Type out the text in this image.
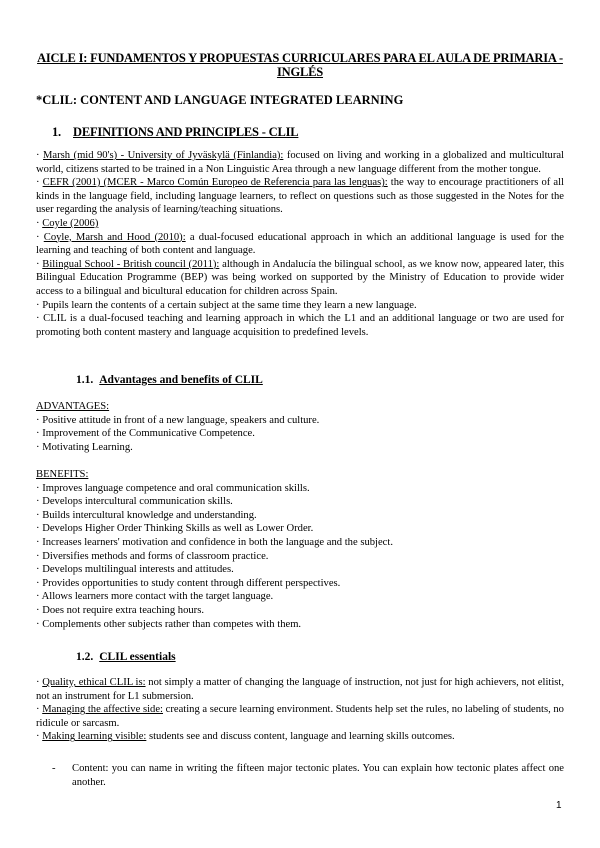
AICLE I: FUNDAMENTOS Y PROPUESTAS CURRICULARES PARA EL AULA DE PRIMARIA - INGLÉS
*CLIL: CONTENT AND LANGUAGE INTEGRATED LEARNING
1. DEFINITIONS AND PRINCIPLES - CLIL

· Marsh (mid 90's) - University of Jyväskylä (Finlandia): focused on living and working in a globalized and multicultural world, citizens started to be trained in a Non Linguistic Area through a new language different from the mother tongue.

· CEFR (2001) (MCER - Marco Común Europeo de Referencia para las lenguas): the way to encourage practitioners of all kinds in the language field, including language learners, to reflect on questions such as those suggested in the Notes for the user regarding the analysis of learning/teaching situations.

· Coyle (2006)

· Coyle, Marsh and Hood (2010): a dual-focused educational approach in which an additional language is used for the learning and teaching of both content and language.

· Bilingual School - British council (2011): although in Andalucía the bilingual school, as we know now, appeared later, this Bilingual Education Programme (BEP) was being worked on supported by the Ministry of Education to provide wider access to a bilingual and bicultural education for children across Spain.

· Pupils learn the contents of a certain subject at the same time they learn a new language.

· CLIL is a dual-focused teaching and learning approach in which the L1 and an additional language or two are used for promoting both content mastery and language acquisition to predefined levels.

1.1. Advantages and benefits of CLIL

ADVANTAGES:

· Positive attitude in front of a new language, speakers and culture.

· Improvement of the Communicative Competence.

· Motivating Learning.

BENEFITS:

· Improves language competence and oral communication skills.

· Develops intercultural communication skills.

· Builds intercultural knowledge and understanding.

· Develops Higher Order Thinking Skills as well as Lower Order.

· Increases learners' motivation and confidence in both the language and the subject.

· Diversifies methods and forms of classroom practice.

· Develops multilingual interests and attitudes.

· Provides opportunities to study content through different perspectives.

· Allows learners more contact with the target language.

· Does not require extra teaching hours.

· Complements other subjects rather than competes with them.

1.2. CLIL essentials

· Quality, ethical CLIL is: not simply a matter of changing the language of instruction, not just for high achievers, not elitist, not an instrument for L1 submersion.

· Managing the affective side: creating a secure learning environment. Students help set the rules, no labeling of students, no ridicule or sarcasm.

· Making learning visible: students see and discuss content, language and learning skills outcomes.

- Content: you can name in writing the fifteen major tectonic plates. You can explain how tectonic plates affect one another.
1
